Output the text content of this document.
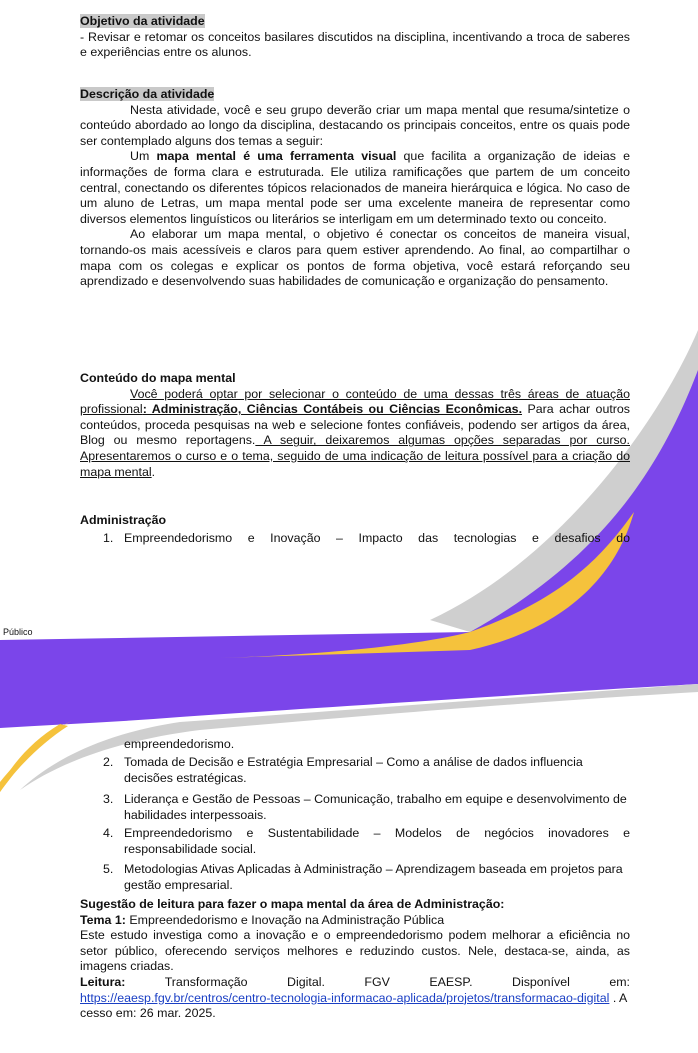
Objetivo da atividade

- Revisar e retomar os conceitos basilares discutidos na disciplina, incentivando a troca de saberes e experiências entre os alunos.

Descrição da atividade

Nesta atividade, você e seu grupo deverão criar um mapa mental que resuma/sintetize o conteúdo abordado ao longo da disciplina, destacando os principais conceitos, entre os quais pode ser contemplado alguns dos temas a seguir:

Um mapa mental é uma ferramenta visual que facilita a organização de ideias e informações de forma clara e estruturada. Ele utiliza ramificações que partem de um conceito central, conectando os diferentes tópicos relacionados de maneira hierárquica e lógica. No caso de um aluno de Letras, um mapa mental pode ser uma excelente maneira de representar como diversos elementos linguísticos ou literários se interligam em um determinado texto ou conceito.

Ao elaborar um mapa mental, o objetivo é conectar os conceitos de maneira visual, tornando-os mais acessíveis e claros para quem estiver aprendendo. Ao final, ao compartilhar o mapa com os colegas e explicar os pontos de forma objetiva, você estará reforçando seu aprendizado e desenvolvendo suas habilidades de comunicação e organização do pensamento.

Conteúdo do mapa mental

Você poderá optar por selecionar o conteúdo de uma dessas três áreas de atuação profissional: Administração, Ciências Contábeis ou Ciências Econômicas. Para achar outros conteúdos, proceda pesquisas na web e selecione fontes confiáveis, podendo ser artigos da área, Blog ou mesmo reportagens. A seguir, deixaremos algumas opções separadas por curso. Apresentaremos o curso e o tema, seguido de uma indicação de leitura possível para a criação do mapa mental.

Administração

1. Empreendedorismo e Inovação – Impacto das tecnologias e desafios do
Público
empreendedorismo.
2. Tomada de Decisão e Estratégia Empresarial – Como a análise de dados influencia decisões estratégicas.
3. Liderança e Gestão de Pessoas – Comunicação, trabalho em equipe e desenvolvimento de habilidades interpessoais.
4. Empreendedorismo e Sustentabilidade – Modelos de negócios inovadores e responsabilidade social.
5. Metodologias Ativas Aplicadas à Administração – Aprendizagem baseada em projetos para gestão empresarial.

Sugestão de leitura para fazer o mapa mental da área de Administração:

Tema 1: Empreendedorismo e Inovação na Administração Pública

Este estudo investiga como a inovação e o empreendedorismo podem melhorar a eficiência no setor público, oferecendo serviços melhores e reduzindo custos. Nele, destaca-se, ainda, as imagens criadas.

Leitura: Transformação Digital. FGV EAESP. Disponível em:

https://eaesp.fgv.br/centros/centro-tecnologia-informacao-aplicada/projetos/transformacao-digital . Acesso em: 26 mar. 2025.
